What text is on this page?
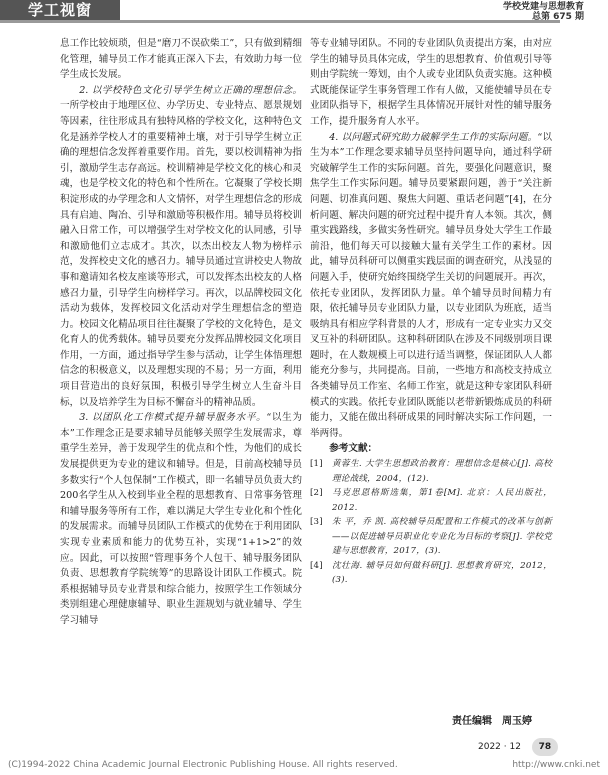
学工视窗	学校党建与思想教育
总第 675 期

息工作比较烦琐，但是“磨刀不误砍柴工”，只有做到精细化管理，辅导员工作才能真正深入下去，有效助力每一位学生成长发展。

2. 以学校特色文化引导学生树立正确的理想信念。一所学校由于地理区位、办学历史、专业特点、愿景规划等因素，往往形成具有独特风格的学校文化，这种特色文化是涵养学校人才的重要精神土壤，对于引导学生树立正确的理想信念发挥着重要作用。首先，要以校训精神为指引，激励学生志存高远。校训精神是学校文化的核心和灵魂，也是学校文化的特色和个性所在。它凝聚了学校长期积淀形成的办学理念和人文情怀，对学生理想信念的形成具有启迪、陶冶、引导和激励等积极作用。辅导员将校训融入日常工作，可以增强学生对学校文化的认同感，引导和激励他们立志成才。其次，以杰出校友人物为榜样示范，发挥校史文化的感召力。辅导员通过宣讲校史人物故事和邀请知名校友座谈等形式，可以发挥杰出校友的人格感召力量，引导学生向榜样学习。再次，以品牌校园文化活动为载体，发挥校园文化活动对学生理想信念的塑造力。校园文化精品项目往往凝聚了学校的文化特色，是文化育人的优秀载体。辅导员要充分发挥品牌校园文化项目作用，一方面，通过指导学生参与活动，让学生体悟理想信念的积极意义，以及理想实现的不易；另一方面，利用项目营造出的良好氛围，积极引导学生树立人生奋斗目标，以及培养学生为目标不懈奋斗的精神品质。

3. 以团队化工作模式提升辅导服务水平。“以生为本”工作理念正是要求辅导员能够关照学生发展需求，尊重学生差异，善于发现学生的优点和个性，为他们的成长发展提供更为专业的建议和辅导。但是，目前高校辅导员多数实行“个人包保制”工作模式，即一名辅导员负责大约200名学生从入校到毕业全程的思想教育、日常事务管理和辅导服务等所有工作，难以满足大学生专业化和个性化的发展需求。而辅导员团队工作模式的优势在于利用团队实现专业素质和能力的优势互补，实现“1+1>2”的效应。因此，可以按照“管理事务个人包干、辅导服务团队负责、思想教育学院统筹”的思路设计团队工作模式。院系根据辅导员专业背景和综合能力，按照学生工作领域分类别组建心理健康辅导、职业生涯规划与就业辅导、学生学习辅导

等专业辅导团队。不同的专业团队负责提出方案，由对应学生的辅导员具体完成，学生的思想教育、价值观引导等则由学院统一筹划，由个人或专业团队负责实施。这种模式既能保证学生事务管理工作有人做，又能使辅导员在专业团队指导下，根据学生具体情况开展针对性的辅导服务工作，提升服务育人水平。

4. 以问题式研究助力破解学生工作的实际问题。“以生为本”工作理念要求辅导员坚持问题导向，通过科学研究破解学生工作的实际问题。首先，要强化问题意识，聚焦学生工作实际问题。辅导员要紧跟问题，善于“关注新问题、切准真问题、聚焦大问题、重话老问题”[4]，在分析问题、解决问题的研究过程中提升育人本领。其次，侧重实践路线，多做实务性研究。辅导员身处大学生工作最前沿，他们每天可以接触大量有关学生工作的素材。因此，辅导员科研可以侧重实践层面的调查研究，从浅显的问题入手，使研究始终围绕学生关切的问题展开。再次，依托专业团队，发挥团队力量。单个辅导员时间精力有限，依托辅导员专业团队力量，以专业团队为班底，适当吸纳具有相应学科背景的人才，形成有一定专业实力又交叉互补的科研团队。这种科研团队在涉及不同级别项目课题时，在人数规模上可以进行适当调整，保证团队人人都能充分参与，共同提高。目前，一些地方和高校支持成立各类辅导员工作室、名师工作室，就是这种专家团队科研模式的实践。依托专业团队既能以老带新锻炼成员的科研能力，又能在做出科研成果的同时解决实际工作问题，一举两得。

参考文献：

[1]	黄蓉生. 大学生思想政治教育：理想信念是核心[J]. 高校理论战线，2004，(12).
[2]	马克思恩格斯选集，第1卷[M]. 北京：人民出版社，2012.
[3]	朱 平，乔 凯. 高校辅导员配置和工作模式的改革与创新——以促进辅导员职业化专业化为目标的考察[J]. 学校党建与思想教育，2017，(3).
[4]	沈壮海. 辅导员如何做科研[J]. 思想教育研究，2012，(3).
责任编辑　周玉婷
2022 · 12 78
(C)1994-2022 China Academic Journal Electronic Publishing House. All rights reserved.	http://www.cnki.net
